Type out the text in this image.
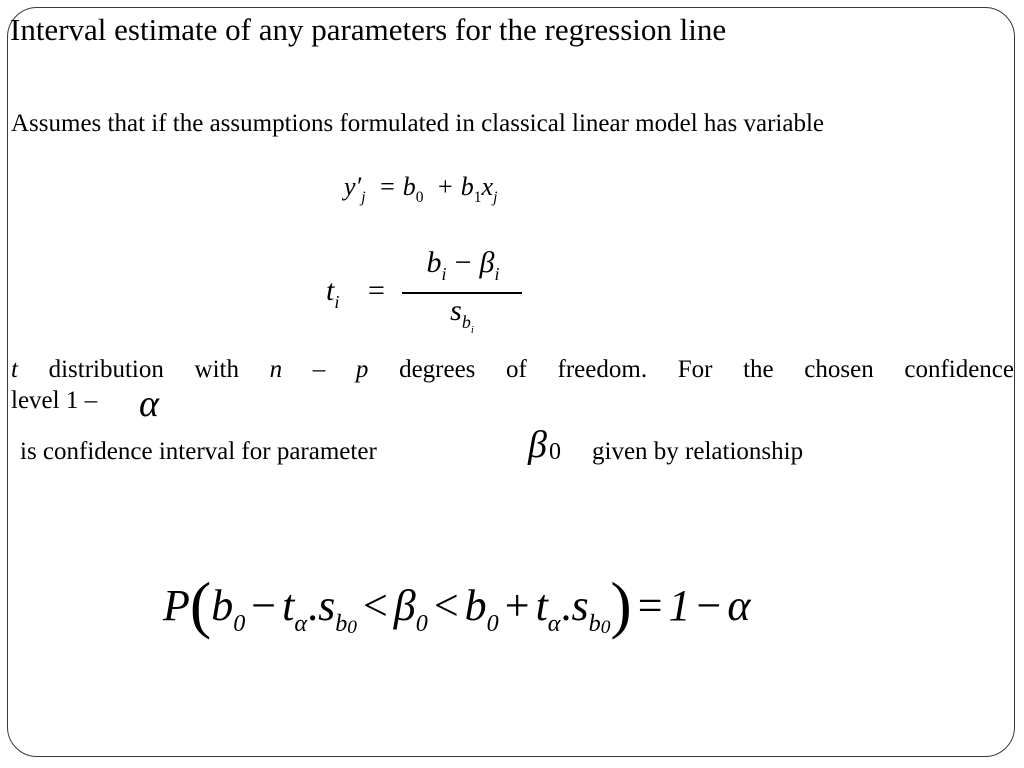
Interval estimate of any parameters for the regression line
Assumes that if the assumptions formulated in classical linear model has variable
$y'_j = b_0 + b_1x_j$
$t_i$ =
$b_i - \beta_i$
$s_{b_i}$
t distribution with n – p degrees of freedom. For the chosen confidence
level 1 –	α
is confidence interval for parameter	β0 given by relationship
$P(b_0 - t_\alpha.s_{b0} < \beta_0 < b_0 + t_\alpha.s_{b0}) = 1 - \alpha$
